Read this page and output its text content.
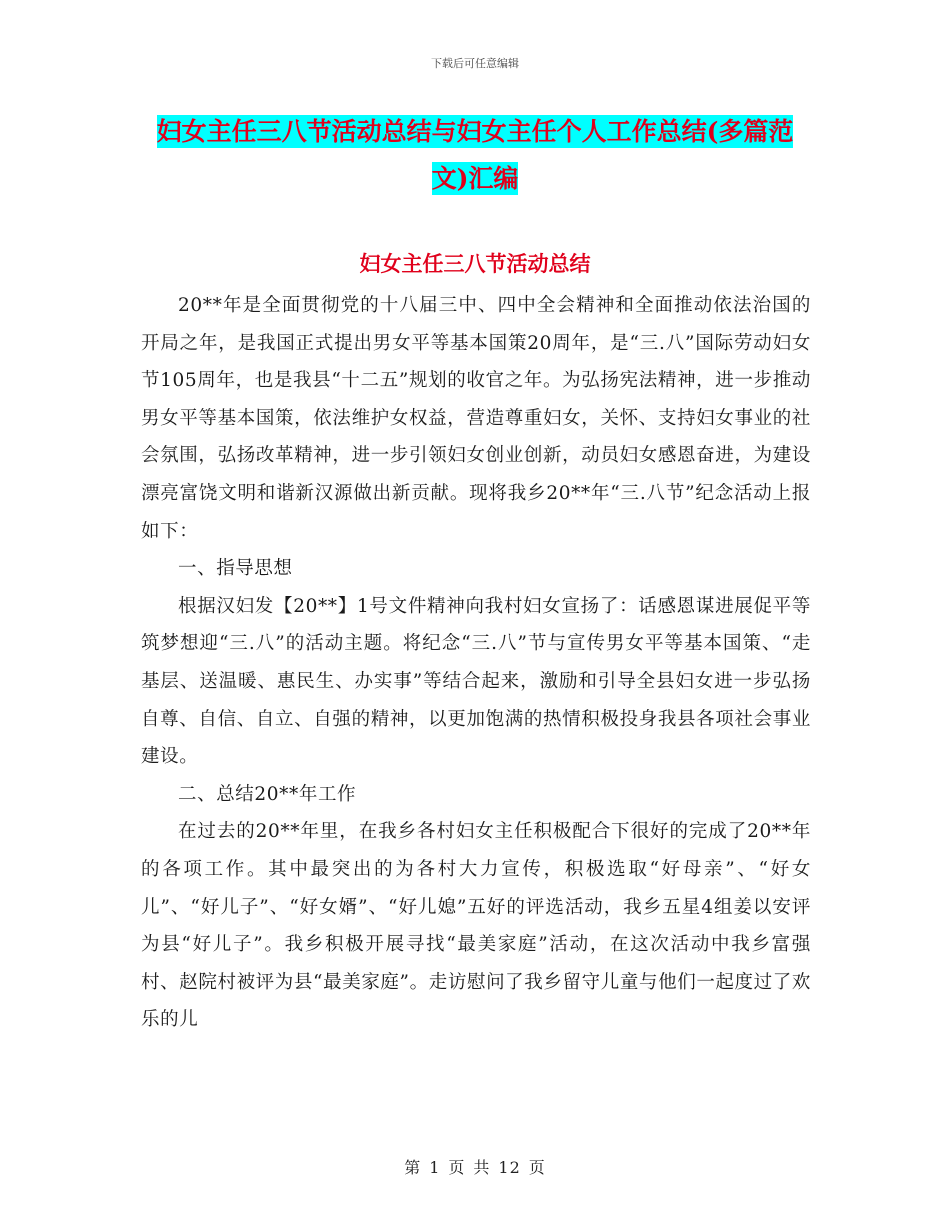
下载后可任意编辑
妇女主任三八节活动总结与妇女主任个人工作总结(多篇范文)汇编
妇女主任三八节活动总结

20**年是全面贯彻党的十八届三中、四中全会精神和全面推动依法治国的开局之年，是我国正式提出男女平等基本国策20周年，是“三.八”国际劳动妇女节105周年，也是我县“十二五”规划的收官之年。为弘扬宪法精神，进一步推动男女平等基本国策，依法维护女权益，营造尊重妇女，关怀、支持妇女事业的社会氛围，弘扬改革精神，进一步引领妇女创业创新，动员妇女感恩奋进，为建设漂亮富饶文明和谐新汉源做出新贡献。现将我乡20**年“三.八节”纪念活动上报如下：

一、指导思想

根据汉妇发【20**】1号文件精神向我村妇女宣扬了：话感恩谋进展促平等筑梦想迎“三.八”的活动主题。将纪念“三.八”节与宣传男女平等基本国策、“走基层、送温暖、惠民生、办实事”等结合起来，激励和引导全县妇女进一步弘扬自尊、自信、自立、自强的精神，以更加饱满的热情积极投身我县各项社会事业建设。

二、总结20**年工作

在过去的20**年里，在我乡各村妇女主任积极配合下很好的完成了20**年的各项工作。其中最突出的为各村大力宣传，积极选取“好母亲”、“好女儿”、“好儿子”、“好女婿”、“好儿媳”五好的评选活动，我乡五星4组姜以安评为县“好儿子”。我乡积极开展寻找“最美家庭”活动，在这次活动中我乡富强村、赵院村被评为县“最美家庭”。走访慰问了我乡留守儿童与他们一起度过了欢乐的儿

第 1 页 共 12 页
